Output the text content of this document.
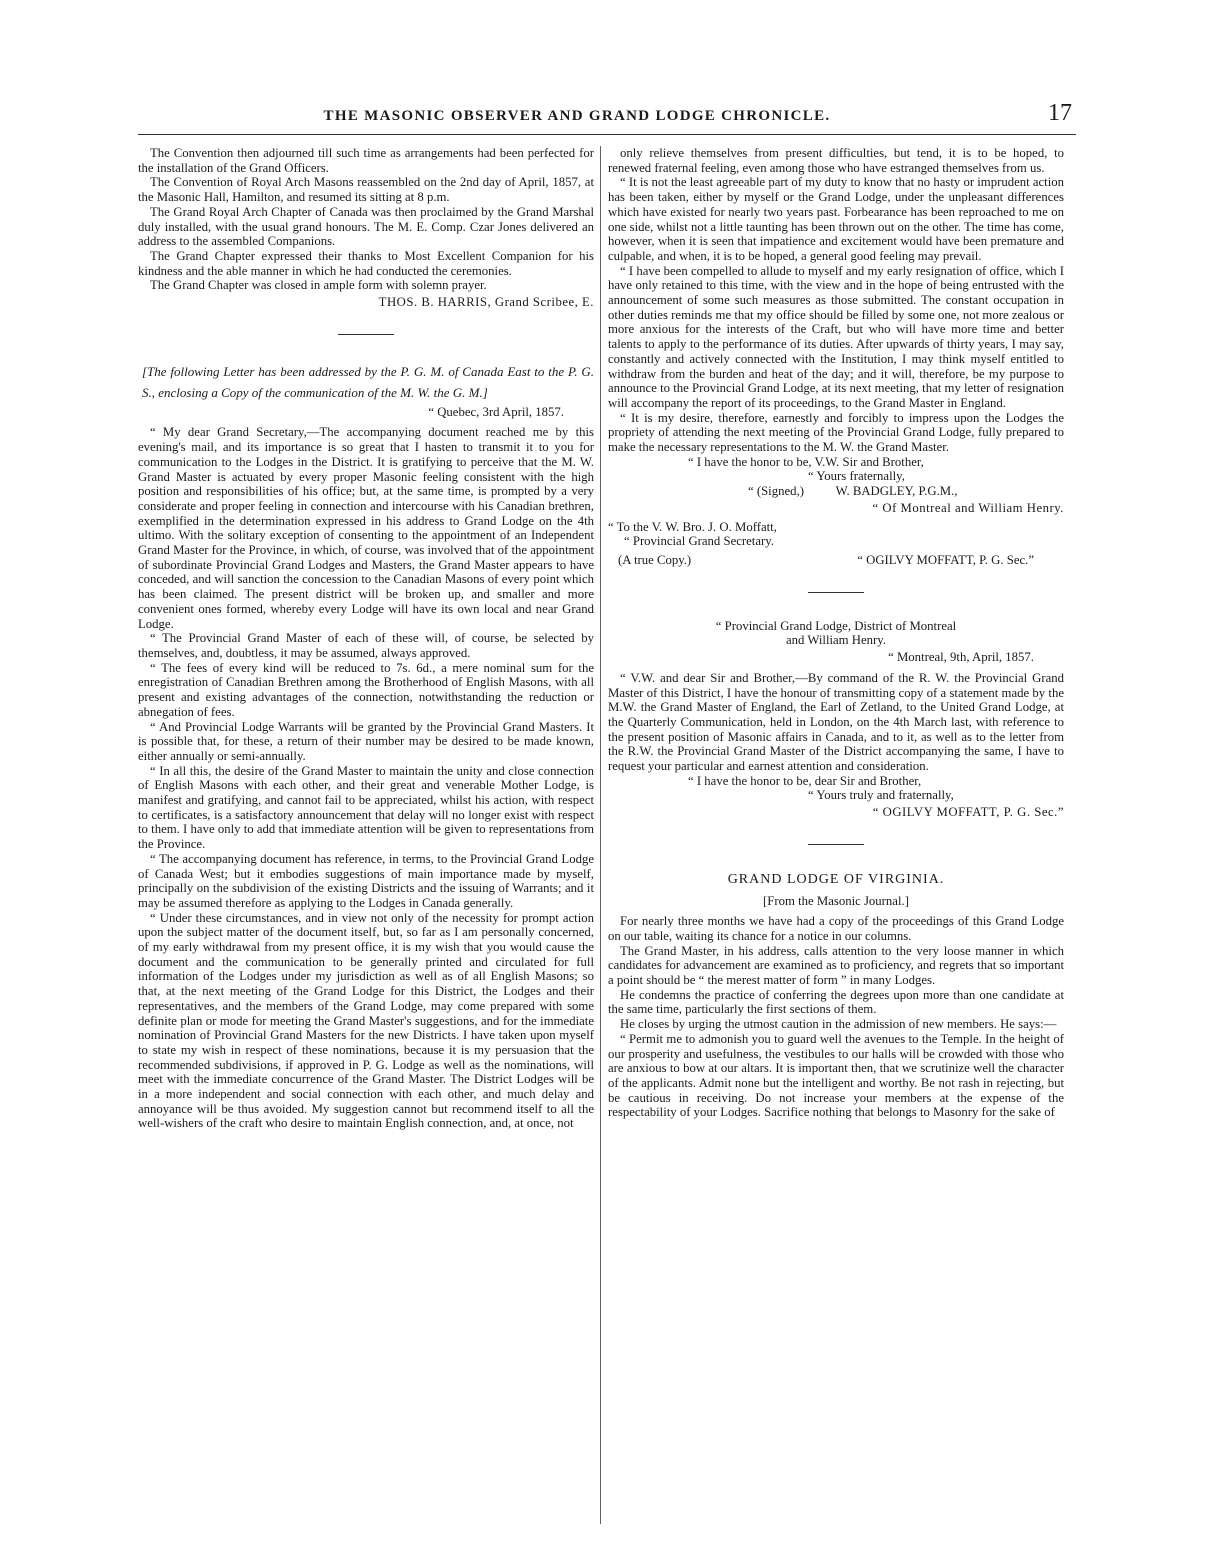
THE MASONIC OBSERVER AND GRAND LODGE CHRONICLE.	17

The Convention then adjourned till such time as arrangements had been perfected for the installation of the Grand Officers.

The Convention of Royal Arch Masons reassembled on the 2nd day of April, 1857, at the Masonic Hall, Hamilton, and resumed its sitting at 8 p.m.

The Grand Royal Arch Chapter of Canada was then proclaimed by the Grand Marshal duly installed, with the usual grand honours. The M. E. Comp. Czar Jones delivered an address to the assembled Companions.

The Grand Chapter expressed their thanks to Most Excellent Companion for his kindness and the able manner in which he had conducted the ceremonies.

The Grand Chapter was closed in ample form with solemn prayer.

THOS. B. HARRIS, Grand Scribee, E.

[The following Letter has been addressed by the P. G. M. of Canada East to the P. G. S., enclosing a Copy of the communication of the M. W. the G. M.]

“ Quebec, 3rd April, 1857.

“ My dear Grand Secretary,—The accompanying document reached me by this evening's mail, and its importance is so great that I hasten to transmit it to you for communication to the Lodges in the District. It is gratifying to perceive that the M. W. Grand Master is actuated by every proper Masonic feeling consistent with the high position and responsibilities of his office; but, at the same time, is prompted by a very considerate and proper feeling in connection and intercourse with his Canadian brethren, exemplified in the determination expressed in his address to Grand Lodge on the 4th ultimo. With the solitary exception of consenting to the appointment of an Independent Grand Master for the Province, in which, of course, was involved that of the appointment of subordinate Provincial Grand Lodges and Masters, the Grand Master appears to have conceded, and will sanction the concession to the Canadian Masons of every point which has been claimed. The present district will be broken up, and smaller and more convenient ones formed, whereby every Lodge will have its own local and near Grand Lodge.

“ The Provincial Grand Master of each of these will, of course, be selected by themselves, and, doubtless, it may be assumed, always approved.

“ The fees of every kind will be reduced to 7s. 6d., a mere nominal sum for the enregistration of Canadian Brethren among the Brotherhood of English Masons, with all present and existing advantages of the connection, notwithstanding the reduction or abnegation of fees.

“ And Provincial Lodge Warrants will be granted by the Provincial Grand Masters. It is possible that, for these, a return of their number may be desired to be made known, either annually or semi-annually.

“ In all this, the desire of the Grand Master to maintain the unity and close connection of English Masons with each other, and their great and venerable Mother Lodge, is manifest and gratifying, and cannot fail to be appreciated, whilst his action, with respect to certificates, is a satisfactory announcement that delay will no longer exist with respect to them. I have only to add that immediate attention will be given to representations from the Province.

“ The accompanying document has reference, in terms, to the Provincial Grand Lodge of Canada West; but it embodies suggestions of main importance made by myself, principally on the subdivision of the existing Districts and the issuing of Warrants; and it may be assumed therefore as applying to the Lodges in Canada generally.

“ Under these circumstances, and in view not only of the necessity for prompt action upon the subject matter of the document itself, but, so far as I am personally concerned, of my early withdrawal from my present office, it is my wish that you would cause the document and the communication to be generally printed and circulated for full information of the Lodges under my jurisdiction as well as of all English Masons; so that, at the next meeting of the Grand Lodge for this District, the Lodges and their representatives, and the members of the Grand Lodge, may come prepared with some definite plan or mode for meeting the Grand Master's suggestions, and for the immediate nomination of Provincial Grand Masters for the new Districts. I have taken upon myself to state my wish in respect of these nominations, because it is my persuasion that the recommended subdivisions, if approved in P. G. Lodge as well as the nominations, will meet with the immediate concurrence of the Grand Master. The District Lodges will be in a more independent and social connection with each other, and much delay and annoyance will be thus avoided. My suggestion cannot but recommend itself to all the well-wishers of the craft who desire to maintain English connection, and, at once, not

only relieve themselves from present difficulties, but tend, it is to be hoped, to renewed fraternal feeling, even among those who have estranged themselves from us.

“ It is not the least agreeable part of my duty to know that no hasty or imprudent action has been taken, either by myself or the Grand Lodge, under the unpleasant differences which have existed for nearly two years past. Forbearance has been reproached to me on one side, whilst not a little taunting has been thrown out on the other. The time has come, however, when it is seen that impatience and excitement would have been premature and culpable, and when, it is to be hoped, a general good feeling may prevail.

“ I have been compelled to allude to myself and my early resignation of office, which I have only retained to this time, with the view and in the hope of being entrusted with the announcement of some such measures as those submitted. The constant occupation in other duties reminds me that my office should be filled by some one, not more zealous or more anxious for the interests of the Craft, but who will have more time and better talents to apply to the performance of its duties. After upwards of thirty years, I may say, constantly and actively connected with the Institution, I may think myself entitled to withdraw from the burden and heat of the day; and it will, therefore, be my purpose to announce to the Provincial Grand Lodge, at its next meeting, that my letter of resignation will accompany the report of its proceedings, to the Grand Master in England.

“ It is my desire, therefore, earnestly and forcibly to impress upon the Lodges the propriety of attending the next meeting of the Provincial Grand Lodge, fully prepared to make the necessary representations to the M. W. the Grand Master.

“ I have the honor to be, V.W. Sir and Brother,

“ Yours fraternally,

“ (Signed,) W. BADGLEY, P.G.M.,

“ Of Montreal and William Henry.

“ To the V. W. Bro. J. O. Moffatt,

“ Provincial Grand Secretary.

(A true Copy.)	“ OGILVY MOFFATT, P. G. Sec.”

“ Provincial Grand Lodge, District of Montreal

and William Henry.

“ Montreal, 9th, April, 1857.

“ V.W. and dear Sir and Brother,—By command of the R. W. the Provincial Grand Master of this District, I have the honour of transmitting copy of a statement made by the M.W. the Grand Master of England, the Earl of Zetland, to the United Grand Lodge, at the Quarterly Communication, held in London, on the 4th March last, with reference to the present position of Masonic affairs in Canada, and to it, as well as to the letter from the R.W. the Provincial Grand Master of the District accompanying the same, I have to request your particular and earnest attention and consideration.

“ I have the honor to be, dear Sir and Brother,

“ Yours truly and fraternally,

“ OGILVY MOFFATT, P. G. Sec.”

GRAND LODGE OF VIRGINIA.

[From the Masonic Journal.]

For nearly three months we have had a copy of the proceedings of this Grand Lodge on our table, waiting its chance for a notice in our columns.

The Grand Master, in his address, calls attention to the very loose manner in which candidates for advancement are examined as to proficiency, and regrets that so important a point should be “ the merest matter of form ” in many Lodges.

He condemns the practice of conferring the degrees upon more than one candidate at the same time, particularly the first sections of them.

He closes by urging the utmost caution in the admission of new members. He says:—

“ Permit me to admonish you to guard well the avenues to the Temple. In the height of our prosperity and usefulness, the vestibules to our halls will be crowded with those who are anxious to bow at our altars. It is important then, that we scrutinize well the character of the applicants. Admit none but the intelligent and worthy. Be not rash in rejecting, but be cautious in receiving. Do not increase your members at the expense of the respectability of your Lodges. Sacrifice nothing that belongs to Masonry for the sake of
